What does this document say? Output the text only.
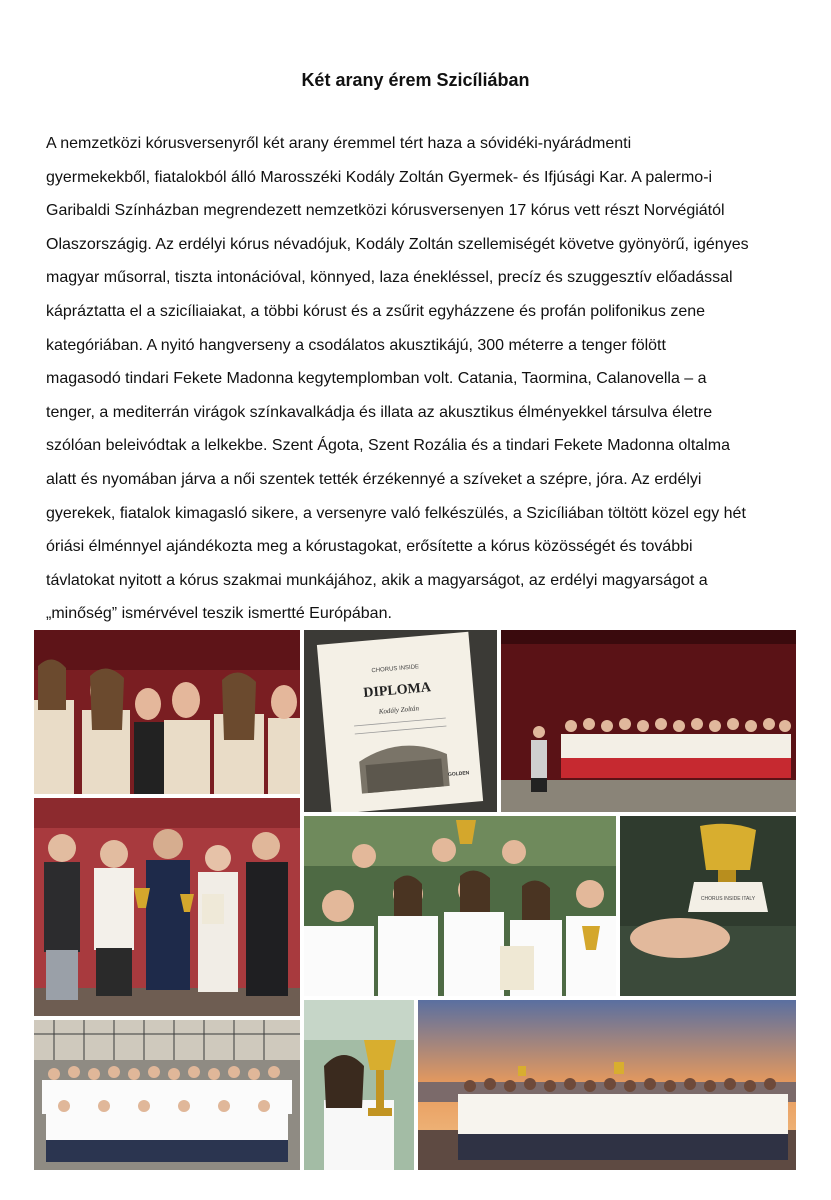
Két arany érem Szicíliában

A nemzetközi kórusversenyről két arany éremmel tért haza a sóvidéki-nyárádmenti
gyermekekből, fiatalokból álló Marosszéki Kodály Zoltán Gyermek- és Ifjúsági Kar. A palermo-i
Garibaldi Színházban megrendezett nemzetközi kórusversenyen 17 kórus vett részt Norvégiától
Olaszországig. Az erdélyi kórus névadójuk, Kodály Zoltán szellemiségét követve gyönyörű, igényes
magyar műsorral, tiszta intonációval, könnyed, laza énekléssel, precíz és szuggesztív előadással
kápráztatta el a szicíliaiakat, a többi kórust és a zsűrit egyházzene és profán polifonikus zene
kategóriában. A nyitó hangverseny a csodálatos akusztikájú, 300 méterre a tenger fölött
magasodó tindari Fekete Madonna kegytemplomban volt. Catania, Taormina, Calanovella – a
tenger, a mediterrán virágok színkavalkádja és illata az akusztikus élményekkel társulva életre
szólóan beleivódtak a lelkekbe. Szent Ágota, Szent Rozália és a tindari Fekete Madonna oltalma
alatt és nyomában járva a női szentek tették érzékennyé a szíveket a szépre, jóra. Az erdélyi
gyerekek, fiatalok kimagasló sikere, a versenyre való felkészülés, a Szicíliában töltött közel egy hét
óriási élménnyel ajándékozta meg a kórustagokat, erősítette a kórus közösségét és további
távlatokat nyitott a kórus szakmai munkájához, akik a magyarságot, az erdélyi magyarságot a
„minőség” ismérvével teszik ismertté Európában.

CHORUS INSIDE
DIPLOMA
Kodály Zoltán
GOLDEN
CHORUS INSIDE ITALY
